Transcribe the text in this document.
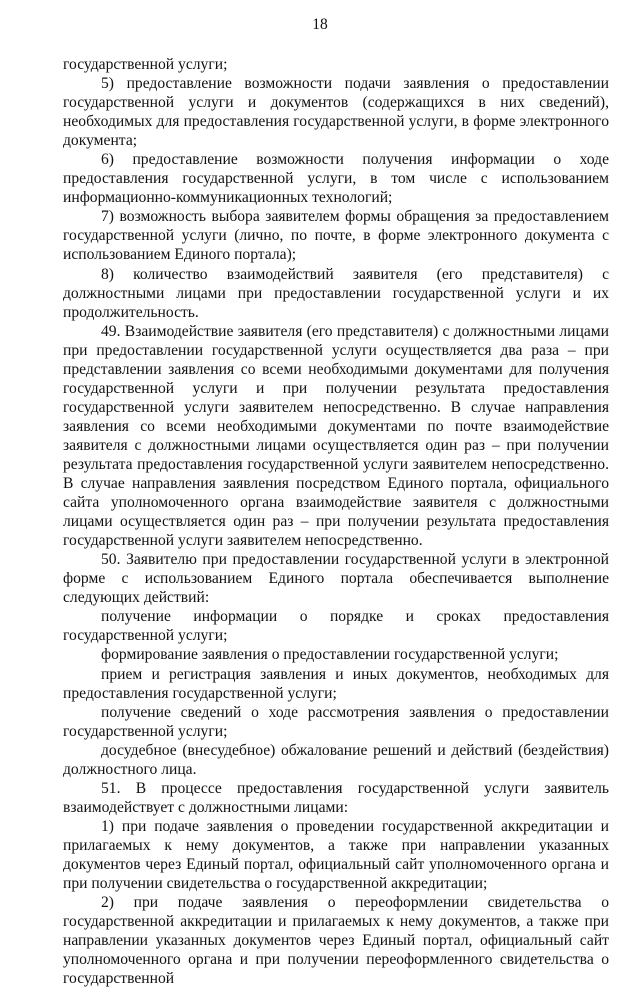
18

государственной услуги;

5) предоставление возможности подачи заявления о предоставлении государственной услуги и документов (содержащихся в них сведений), необходимых для предоставления государственной услуги, в форме электронного документа;

6) предоставление возможности получения информации о ходе предоставления государственной услуги, в том числе с использованием информационно-коммуникационных технологий;

7) возможность выбора заявителем формы обращения за предоставлением государственной услуги (лично, по почте, в форме электронного документа с использованием Единого портала);

8) количество взаимодействий заявителя (его представителя) с должностными лицами при предоставлении государственной услуги и их продолжительность.

49. Взаимодействие заявителя (его представителя) с должностными лицами при предоставлении государственной услуги осуществляется два раза – при представлении заявления со всеми необходимыми документами для получения государственной услуги и при получении результата предоставления государственной услуги заявителем непосредственно. В случае направления заявления со всеми необходимыми документами по почте взаимодействие заявителя с должностными лицами осуществляется один раз – при получении результата предоставления государственной услуги заявителем непосредственно. В случае направления заявления посредством Единого портала, официального сайта уполномоченного органа взаимодействие заявителя с должностными лицами осуществляется один раз – при получении результата предоставления государственной услуги заявителем непосредственно.

50. Заявителю при предоставлении государственной услуги в электронной форме с использованием Единого портала обеспечивается выполнение следующих действий:

получение информации о порядке и сроках предоставления государственной услуги;

формирование заявления о предоставлении государственной услуги;

прием и регистрация заявления и иных документов, необходимых для предоставления государственной услуги;

получение сведений о ходе рассмотрения заявления о предоставлении государственной услуги;

досудебное (внесудебное) обжалование решений и действий (бездействия) должностного лица.

51. В процессе предоставления государственной услуги заявитель взаимодействует с должностными лицами:

1) при подаче заявления о проведении государственной аккредитации и прилагаемых к нему документов, а также при направлении указанных документов через Единый портал, официальный сайт уполномоченного органа и при получении свидетельства о государственной аккредитации;

2) при подаче заявления о переоформлении свидетельства о государственной аккредитации и прилагаемых к нему документов, а также при направлении указанных документов через Единый портал, официальный сайт уполномоченного органа и при получении переоформленного свидетельства о государственной
